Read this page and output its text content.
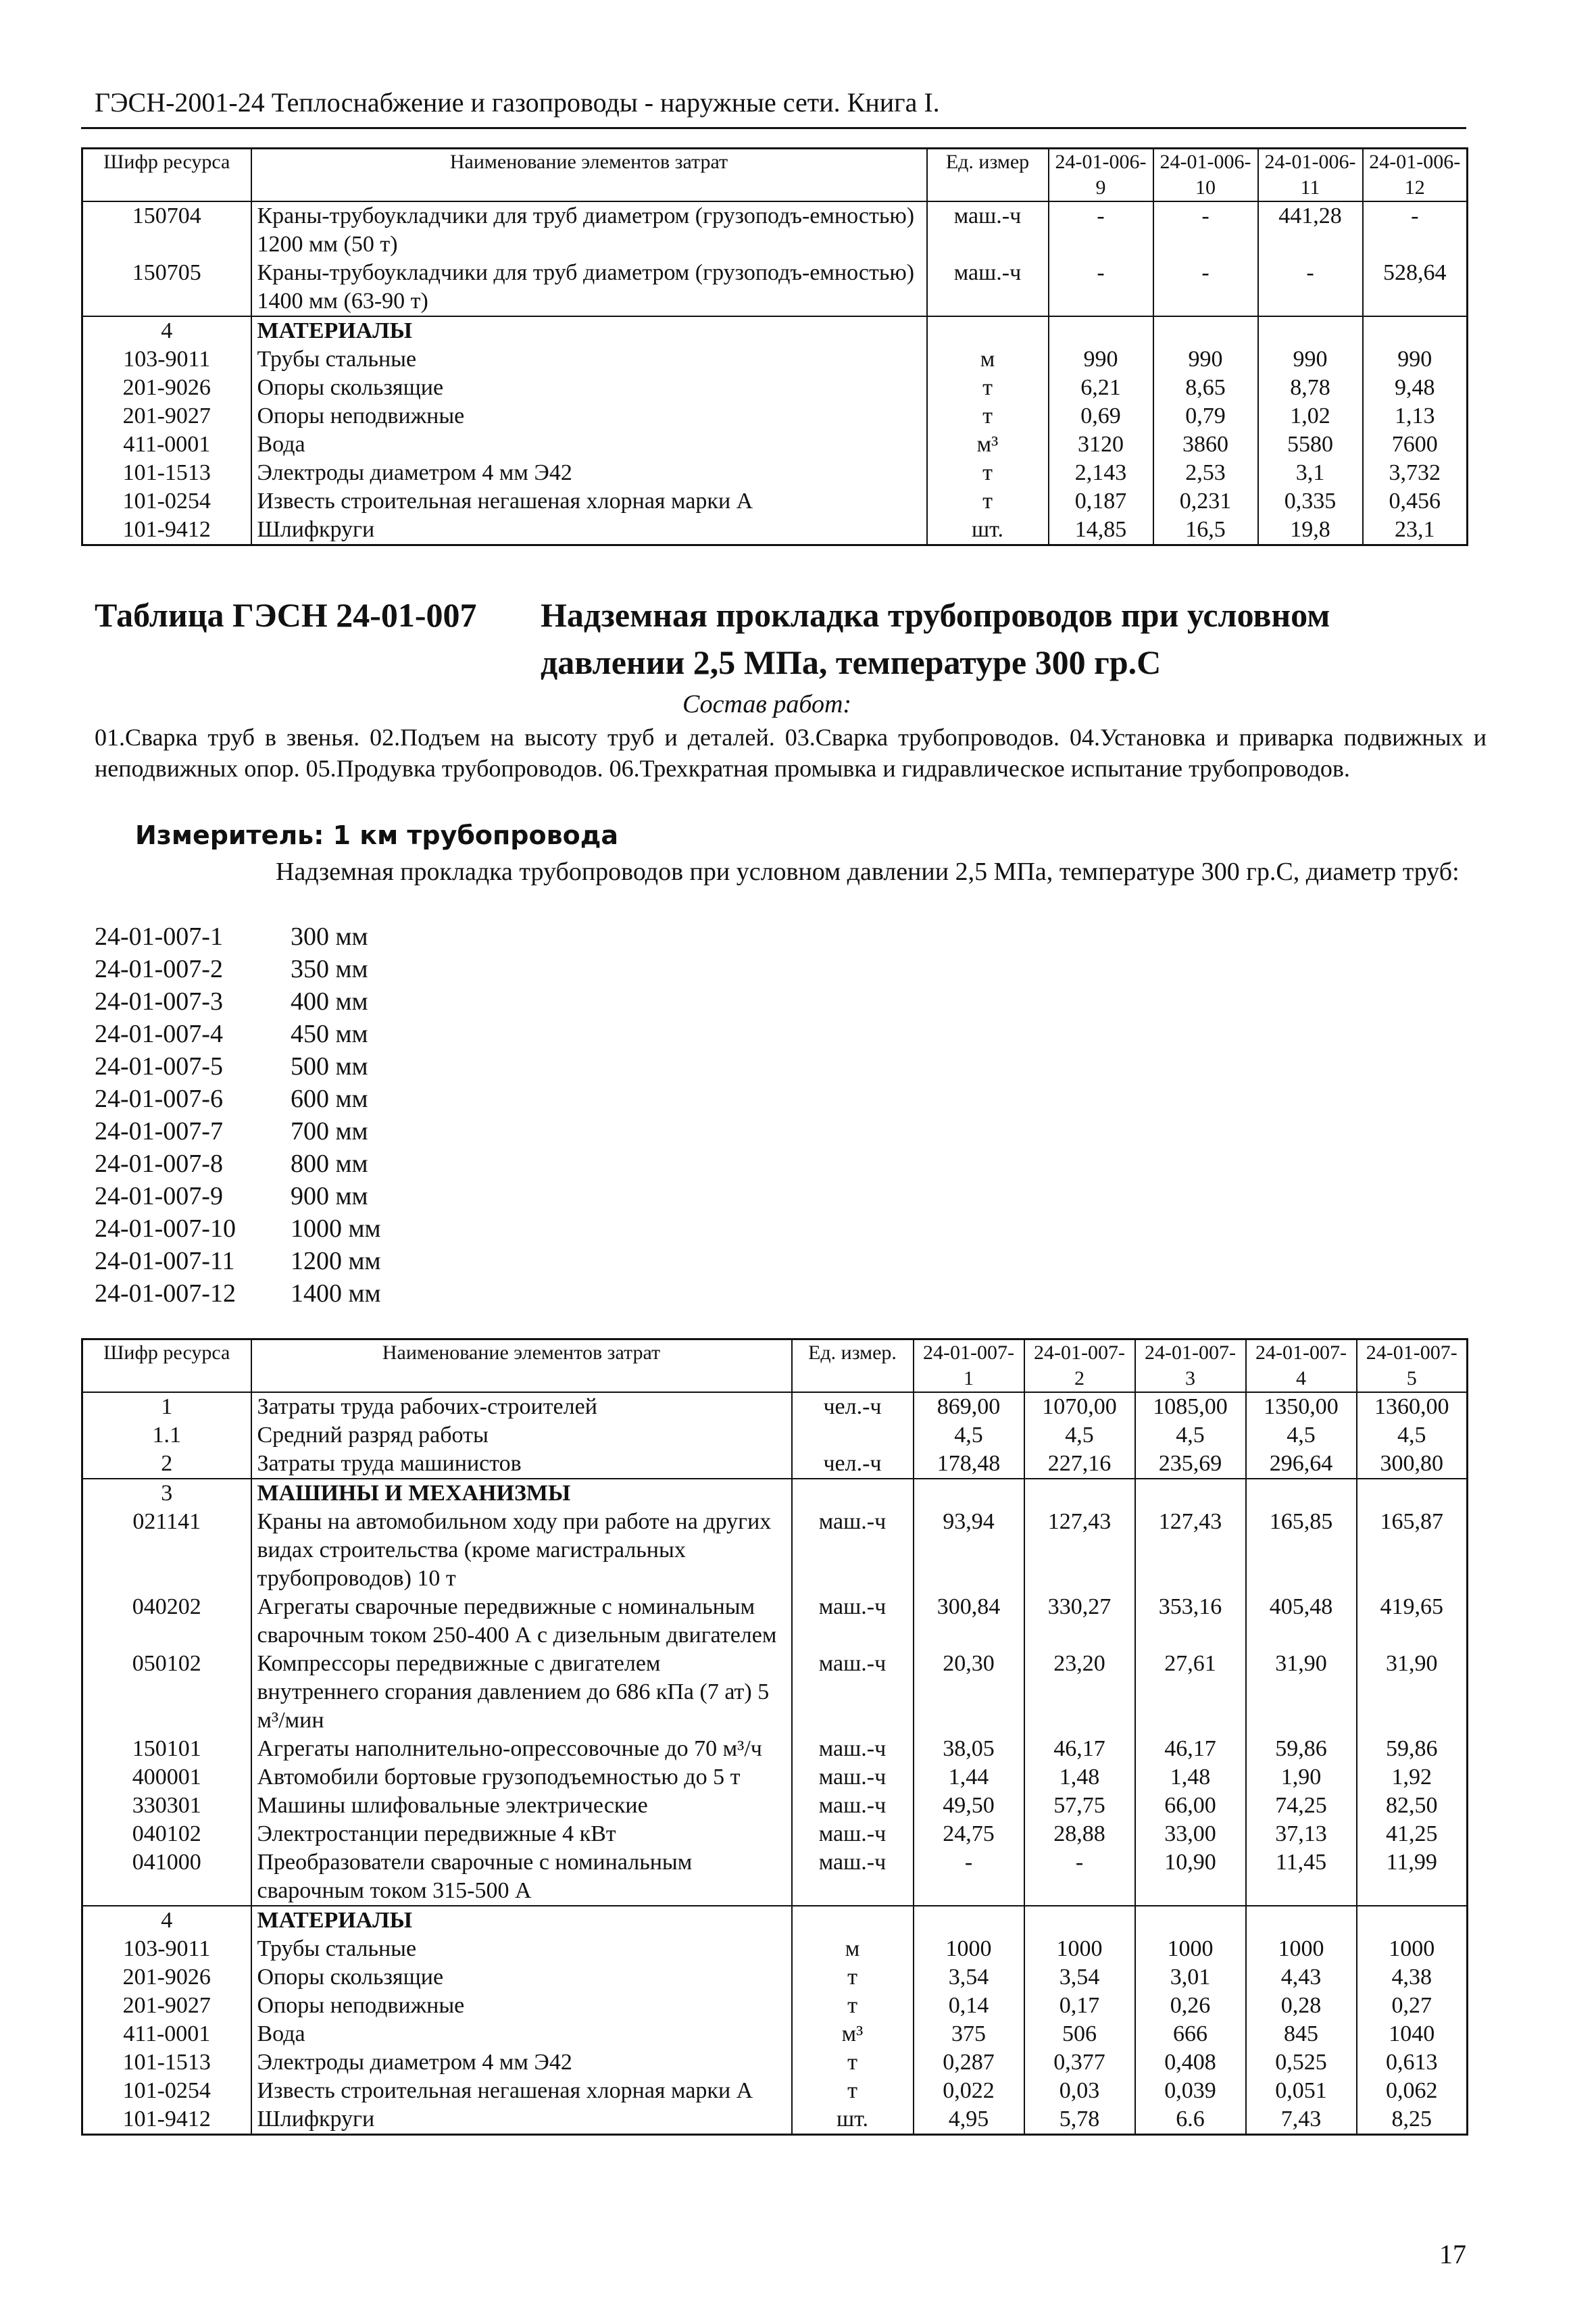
ГЭСН-2001-24 Теплоснабжение и газопроводы - наружные сети. Книга I.
Шифр ресурса	Наименование элементов затрат	Ед. измер	24-01-006-9	24-01-006-10	24-01-006-11	24-01-006-12
150704	Краны-трубоукладчики для труб диаметром (грузоподъ-емностью) 1200 мм (50 т)	маш.-ч	-	-	441,28	-
150705	Краны-трубоукладчики для труб диаметром (грузоподъ-емностью) 1400 мм (63-90 т)	маш.-ч	-	-	-	528,64
4	МАТЕРИАЛЫ					
103-9011	Трубы стальные	м	990	990	990	990
201-9026	Опоры скользящие	т	6,21	8,65	8,78	9,48
201-9027	Опоры неподвижные	т	0,69	0,79	1,02	1,13
411-0001	Вода	м³	3120	3860	5580	7600
101-1513	Электроды диаметром 4 мм Э42	т	2,143	2,53	3,1	3,732
101-0254	Известь строительная негашеная хлорная марки А	т	0,187	0,231	0,335	0,456
101-9412	Шлифкруги	шт.	14,85	16,5	19,8	23,1
Таблица ГЭСН 24-01-007 Надземная прокладка трубопроводов при условном
давлении 2,5 МПа, температуре 300 гр.С
Состав работ:
01.Сварка труб в звенья. 02.Подъем на высоту труб и деталей. 03.Сварка трубопроводов. 04.Установка и приварка подвижных и неподвижных опор. 05.Продувка трубопроводов. 06.Трехкратная промывка и гидравлическое испытание трубопроводов.
Измеритель: 1 км трубопровода
Надземная прокладка трубопроводов при условном давлении 2,5 МПа, температуре 300 гр.С, диаметр труб:
24-01-007-1	300 мм
24-01-007-2	350 мм
24-01-007-3	400 мм
24-01-007-4	450 мм
24-01-007-5	500 мм
24-01-007-6	600 мм
24-01-007-7	700 мм
24-01-007-8	800 мм
24-01-007-9	900 мм
24-01-007-10 1000 мм
24-01-007-11 1200 мм
24-01-007-12 1400 мм
Шифр ресурса	Наименование элементов затрат	Ед. измер.	24-01-007-1	24-01-007-2	24-01-007-3	24-01-007-4	24-01-007-5
1	Затраты труда рабочих-строителей	чел.-ч	869,00	1070,00	1085,00	1350,00	1360,00
1.1	Средний разряд работы		4,5	4,5	4,5	4,5	4,5
2	Затраты труда машинистов	чел.-ч	178,48	227,16	235,69	296,64	300,80
3	МАШИНЫ И МЕХАНИЗМЫ						
021141	Краны на автомобильном ходу при работе на других видах строительства (кроме магистральных трубопроводов) 10 т	маш.-ч	93,94	127,43	127,43	165,85	165,87
040202	Агрегаты сварочные передвижные с номинальным сварочным током 250-400 А с дизельным двигателем	маш.-ч	300,84	330,27	353,16	405,48	419,65
050102	Компрессоры передвижные с двигателем внутреннего сгорания давлением до 686 кПа (7 ат) 5 м³/мин	маш.-ч	20,30	23,20	27,61	31,90	31,90
150101	Агрегаты наполнительно-опрессовочные до 70 м³/ч	маш.-ч	38,05	46,17	46,17	59,86	59,86
400001	Автомобили бортовые грузоподъемностью до 5 т	маш.-ч	1,44	1,48	1,48	1,90	1,92
330301	Машины шлифовальные электрические	маш.-ч	49,50	57,75	66,00	74,25	82,50
040102	Электростанции передвижные 4 кВт	маш.-ч	24,75	28,88	33,00	37,13	41,25
041000	Преобразователи сварочные с номинальным сварочным током 315-500 А	маш.-ч	-	-	10,90	11,45	11,99
4	МАТЕРИАЛЫ						
103-9011	Трубы стальные	м	1000	1000	1000	1000	1000
201-9026	Опоры скользящие	т	3,54	3,54	3,01	4,43	4,38
201-9027	Опоры неподвижные	т	0,14	0,17	0,26	0,28	0,27
411-0001	Вода	м³	375	506	666	845	1040
101-1513	Электроды диаметром 4 мм Э42	т	0,287	0,377	0,408	0,525	0,613
101-0254	Известь строительная негашеная хлорная марки А	т	0,022	0,03	0,039	0,051	0,062
101-9412	Шлифкруги	шт.	4,95	5,78	6.6	7,43	8,25
17
